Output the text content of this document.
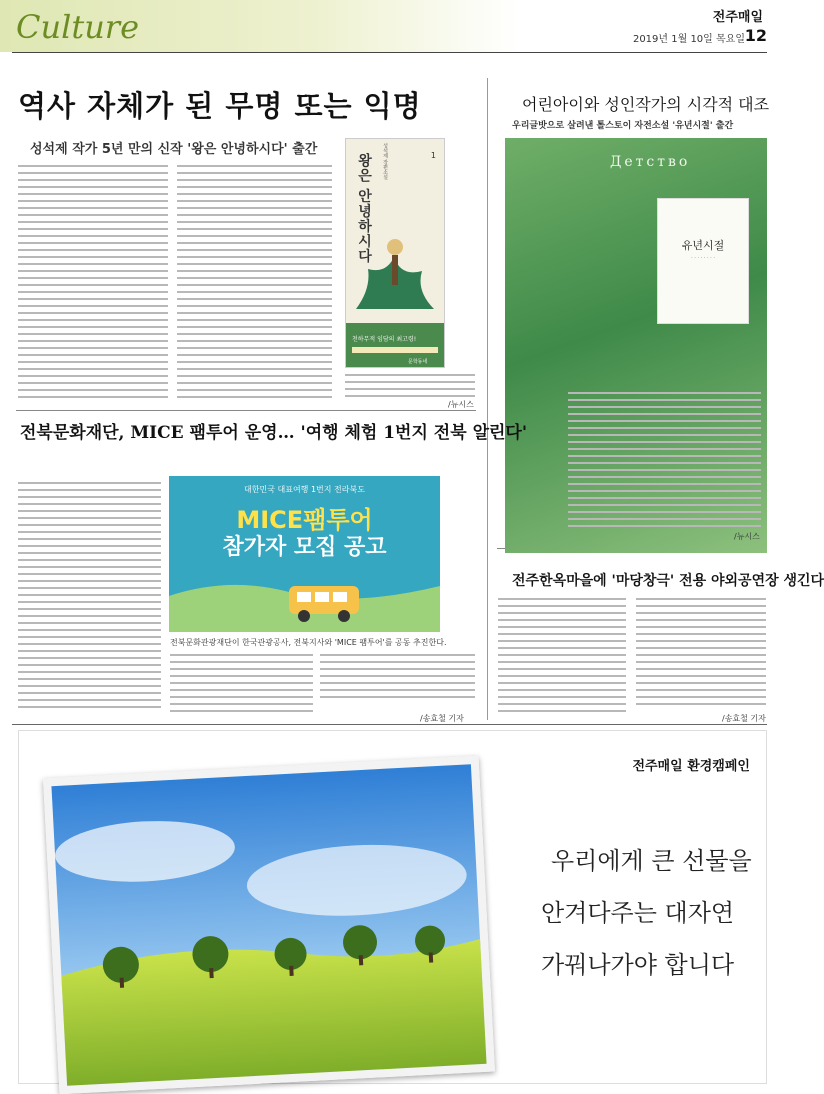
Culture	전주매일
2019년 1월 10일 목요일 12
역사 자체가 된 무명 또는 익명
성석제 작가 5년 만의 신작 '왕은 안녕하시다' 출간
/뉴시스
성석제 장편소설
왕은 안녕하시다	1
천하무적 임담의 최고령!
문학동네
어린아이와 성인작가의 시각적 대조
우리글밧으로 살려낸 톨스토이 자전소설 '유년시절' 출간
Детство
유년시절
· · · · · · · ·
/뉴시스
전북문화재단, MICE 팸투어 운영… '여행 체험 1번지 전북 알린다'
대한민국 대표여행 1번지 전라북도
MICE팸투어
참가자 모집 공고
전북문화관광재단이 한국관광공사, 전북지사와 'MICE 팸투어'를 공동 추진한다.
/송효철 기자
전주한옥마을에 '마당창극' 전용 야외공연장 생긴다
/송효철 기자
전주매일 환경캠페인
우리에게 큰 선물을
안겨다주는 대자연
가꿔나가야 합니다
